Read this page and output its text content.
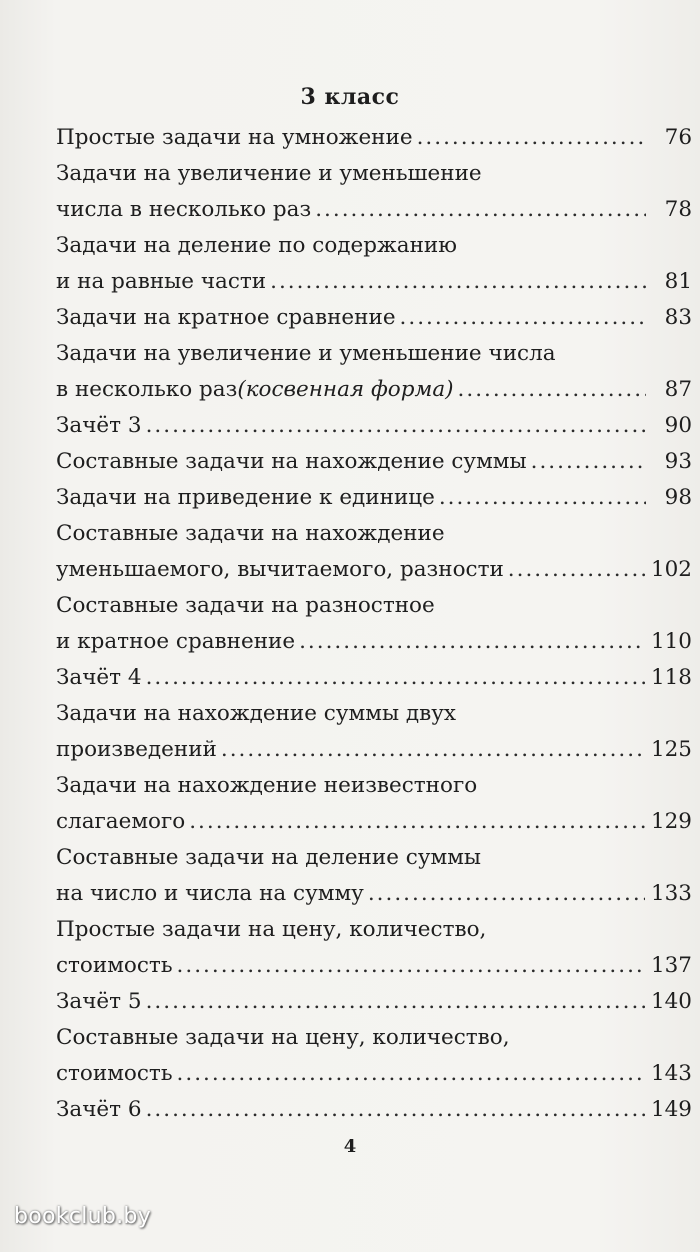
3 класс
Простые задачи на умножение .....	76
Задачи на увеличение и уменьшение
числа в несколько раз .....	78
Задачи на деление по содержанию
и на равные части .....	81
Задачи на кратное сравнение .....	83
Задачи на увеличение и уменьшение числа
в несколько раз (косвенная форма) .....	87
Зачёт 3 .....	90
Составные задачи на нахождение суммы .....	93
Задачи на приведение к единице .....	98
Составные задачи на нахождение
уменьшаемого, вычитаемого, разности .....	102
Составные задачи на разностное
и кратное сравнение .....	110
Зачёт 4 .....	118
Задачи на нахождение суммы двух
произведений .....	125
Задачи на нахождение неизвестного
слагаемого .....	129
Составные задачи на деление суммы
на число и числа на сумму .....	133
Простые задачи на цену, количество,
стоимость .....	137
Зачёт 5 .....	140
Составные задачи на цену, количество,
стоимость .....	143
Зачёт 6 .....	149
4
bookclub.by
